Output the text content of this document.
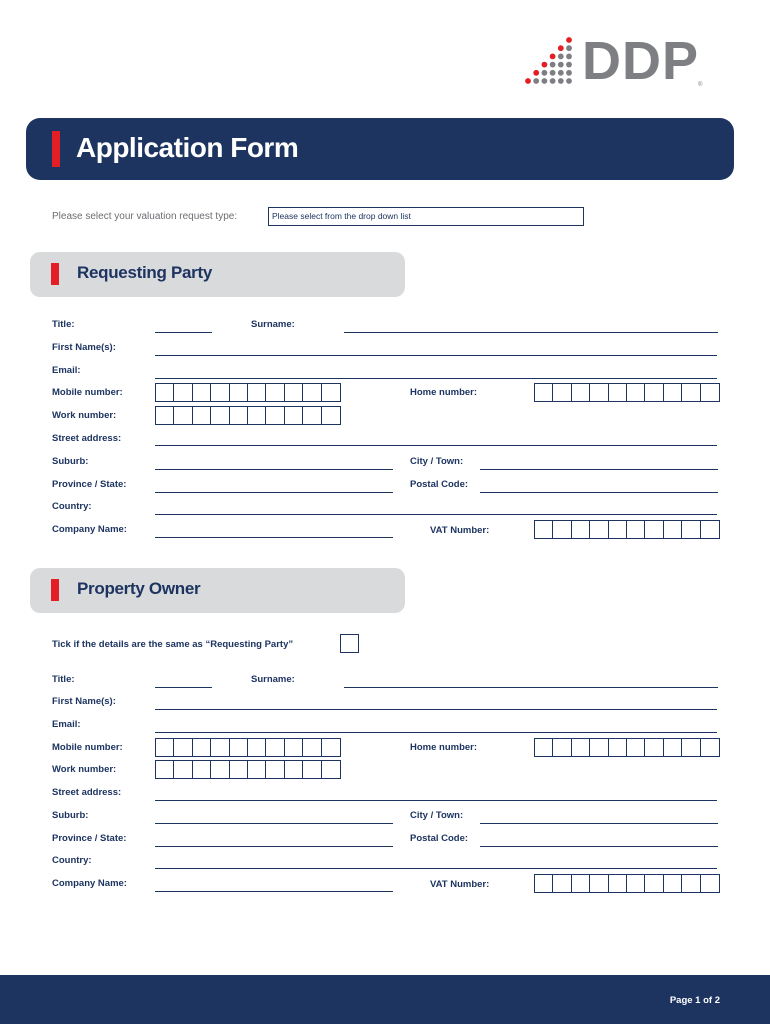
DDP
®
Application Form
Please select your valuation request type:	Please select from the drop down list
Requesting Party
Title:	Surname:
First Name(s):
Email:
Mobile number:	Home number:
Work number:
Street address:
Suburb:	City / Town:
Province / State:	Postal Code:
Country:
Company Name:	VAT Number:
Property Owner
Tick if the details are the same as “Requesting Party”
Title:	Surname:
First Name(s):
Email:
Mobile number:	Home number:
Work number:
Street address:
Suburb:	City / Town:
Province / State:	Postal Code:
Country:
Company Name:	VAT Number:
Page 1 of 2
